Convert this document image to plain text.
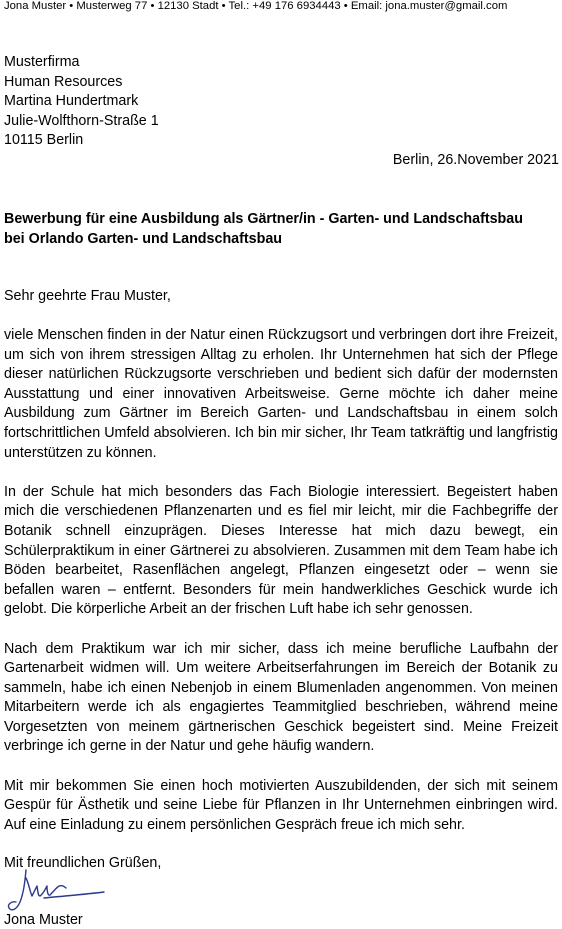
Jona Muster • Musterweg 77 • 12130 Stadt • Tel.: +49 176 6934443 • Email: jona.muster@gmail.com
Musterfirma
Human Resources
Martina Hundertmark
Julie-Wolfthorn-Straße 1
10115 Berlin
Berlin, 26.November 2021
Bewerbung für eine Ausbildung als Gärtner/in - Garten- und Landschaftsbau
bei Orlando Garten- und Landschaftsbau
Sehr geehrte Frau Muster,

viele Menschen finden in der Natur einen Rückzugsort und verbringen dort ihre Freizeit, um sich von ihrem stressigen Alltag zu erholen. Ihr Unternehmen hat sich der Pflege dieser natürlichen Rückzugsorte verschrieben und bedient sich dafür der modernsten Ausstattung und einer innovativen Arbeitsweise. Gerne möchte ich daher meine Ausbildung zum Gärtner im Bereich Garten- und Landschaftsbau in einem solch fortschrittlichen Umfeld absolvieren. Ich bin mir sicher, Ihr Team tatkräftig und langfristig unterstützen zu können.

In der Schule hat mich besonders das Fach Biologie interessiert. Begeistert haben mich die verschiedenen Pflanzenarten und es fiel mir leicht, mir die Fachbegriffe der Botanik schnell einzuprägen. Dieses Interesse hat mich dazu bewegt, ein Schülerpraktikum in einer Gärtnerei zu absolvieren. Zusammen mit dem Team habe ich Böden bearbeitet, Rasenflächen angelegt, Pflanzen eingesetzt oder – wenn sie befallen waren – entfernt. Besonders für mein handwerkliches Geschick wurde ich gelobt. Die körperliche Arbeit an der frischen Luft habe ich sehr genossen.

Nach dem Praktikum war ich mir sicher, dass ich meine berufliche Laufbahn der Gartenarbeit widmen will. Um weitere Arbeitserfahrungen im Bereich der Botanik zu sammeln, habe ich einen Nebenjob in einem Blumenladen angenommen. Von meinen Mitarbeitern werde ich als engagiertes Teammitglied beschrieben, während meine Vorgesetzten von meinem gärtnerischen Geschick begeistert sind. Meine Freizeit verbringe ich gerne in der Natur und gehe häufig wandern.

Mit mir bekommen Sie einen hoch motivierten Auszubildenden, der sich mit seinem Gespür für Ästhetik und seine Liebe für Pflanzen in Ihr Unternehmen einbringen wird. Auf eine Einladung zu einem persönlichen Gespräch freue ich mich sehr.

Mit freundlichen Grüßen,
Jona Muster
